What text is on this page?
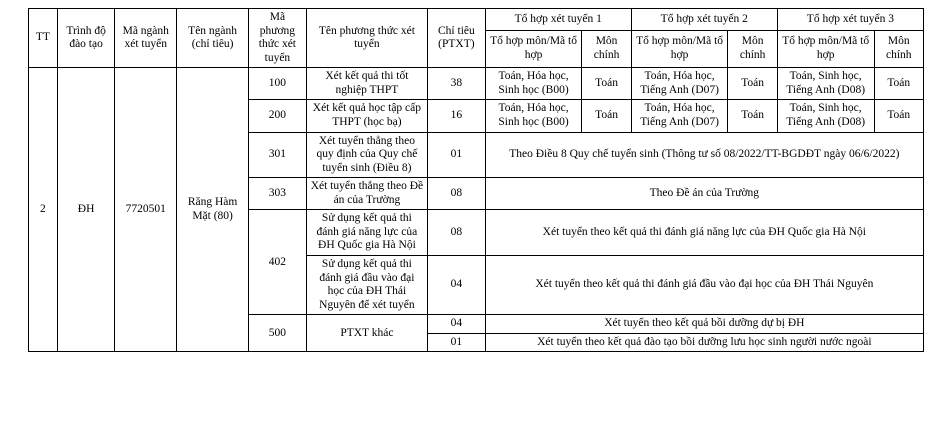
TT	Trình độ đào tạo	Mã ngành xét tuyển	Tên ngành (chỉ tiêu)	Mã phương thức xét tuyển	Tên phương thức xét tuyển	Chỉ tiêu (PTXT)	Tổ hợp xét tuyển 1		Tổ hợp xét tuyển 2		Tổ hợp xét tuyển 3	
							Tổ hợp môn/Mã tổ hợp	Môn chính	Tổ hợp môn/Mã tổ hợp	Môn chính	Tổ hợp môn/Mã tổ hợp	Môn chính
2	ĐH	7720501	Răng Hàm Mặt (80)	100	Xét kết quả thi tốt nghiệp THPT	38	Toán, Hóa học, Sinh học (B00)	Toán	Toán, Hóa học, Tiếng Anh (D07)	Toán	Toán, Sinh học, Tiếng Anh (D08)	Toán
				200	Xét kết quả học tập cấp THPT (học bạ)	16	Toán, Hóa học, Sinh học (B00)	Toán	Toán, Hóa học, Tiếng Anh (D07)	Toán	Toán, Sinh học, Tiếng Anh (D08)	Toán
				301	Xét tuyển thẳng theo quy định của Quy chế tuyển sinh (Điều 8)	01	Theo Điều 8 Quy chế tuyển sinh (Thông tư số 08/2022/TT-BGDĐT ngày 06/6/2022)					
				303	Xét tuyển thẳng theo Đề án của Trường	08	Theo Đề án của Trường					
				402	Sử dụng kết quả thi đánh giá năng lực của ĐH Quốc gia Hà Nội	08	Xét tuyển theo kết quả thi đánh giá năng lực của ĐH Quốc gia Hà Nội					
					Sử dụng kết quả thi đánh giá đầu vào đại học của ĐH Thái Nguyên để xét tuyển	04	Xét tuyển theo kết quả thi đánh giá đầu vào đại học của ĐH Thái Nguyên					
				500	PTXT khác	04	Xét tuyển theo kết quả bồi dưỡng dự bị ĐH					
						01	Xét tuyển theo kết quả đào tạo bồi dưỡng lưu học sinh người nước ngoài					
